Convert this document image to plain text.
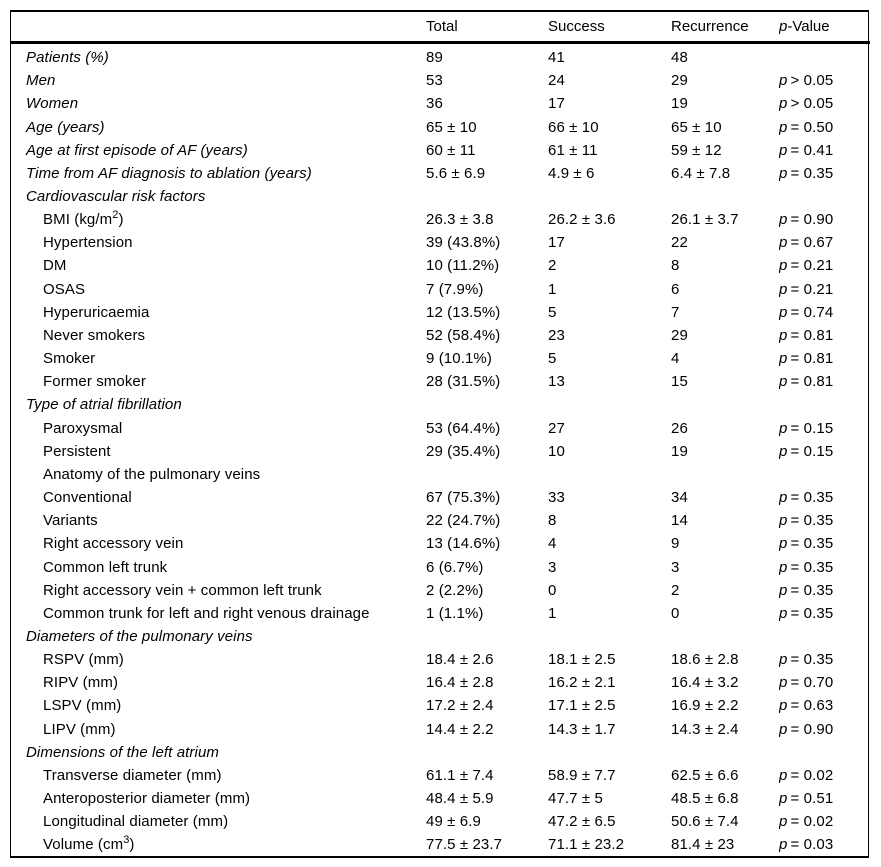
	Total	Success	Recurrence	p-Value
Patients (%)	89	41	48	
Men	53	24	29	p > 0.05
Women	36	17	19	p > 0.05
Age (years)	65 ± 10	66 ± 10	65 ± 10	p = 0.50
Age at first episode of AF (years)	60 ± 11	61 ± 11	59 ± 12	p = 0.41
Time from AF diagnosis to ablation (years)	5.6 ± 6.9	4.9 ± 6	6.4 ± 7.8	p = 0.35
Cardiovascular risk factors				
BMI $(kg/m^2)$	26.3 ± 3.8	26.2 ± 3.6	26.1 ± 3.7	p = 0.90
Hypertension	39 (43.8%)	17	22	p = 0.67
DM	10 (11.2%)	2	8	p = 0.21
OSAS	7 (7.9%)	1	6	p = 0.21
Hyperuricaemia	12 (13.5%)	5	7	p = 0.74
Never smokers	52 (58.4%)	23	29	p = 0.81
Smoker	9 (10.1%)	5	4	p = 0.81
Former smoker	28 (31.5%)	13	15	p = 0.81
Type of atrial fibrillation				
Paroxysmal	53 (64.4%)	27	26	p = 0.15
Persistent	29 (35.4%)	10	19	p = 0.15
Anatomy of the pulmonary veins				
Conventional	67 (75.3%)	33	34	p = 0.35
Variants	22 (24.7%)	8	14	p = 0.35
Right accessory vein	13 (14.6%)	4	9	p = 0.35
Common left trunk	6 (6.7%)	3	3	p = 0.35
Right accessory vein + common left trunk	2 (2.2%)	0	2	p = 0.35
Common trunk for left and right venous drainage	1 (1.1%)	1	0	p = 0.35
Diameters of the pulmonary veins				
RSPV (mm)	18.4 ± 2.6	18.1 ± 2.5	18.6 ± 2.8	p = 0.35
RIPV (mm)	16.4 ± 2.8	16.2 ± 2.1	16.4 ± 3.2	p = 0.70
LSPV (mm)	17.2 ± 2.4	17.1 ± 2.5	16.9 ± 2.2	p = 0.63
LIPV (mm)	14.4 ± 2.2	14.3 ± 1.7	14.3 ± 2.4	p = 0.90
Dimensions of the left atrium				
Transverse diameter (mm)	61.1 ± 7.4	58.9 ± 7.7	62.5 ± 6.6	p = 0.02
Anteroposterior diameter (mm)	48.4 ± 5.9	47.7 ± 5	48.5 ± 6.8	p = 0.51
Longitudinal diameter (mm)	49 ± 6.9	47.2 ± 6.5	50.6 ± 7.4	p = 0.02
Volume $(cm^3)$	77.5 ± 23.7	71.1 ± 23.2	81.4 ± 23	p = 0.03
